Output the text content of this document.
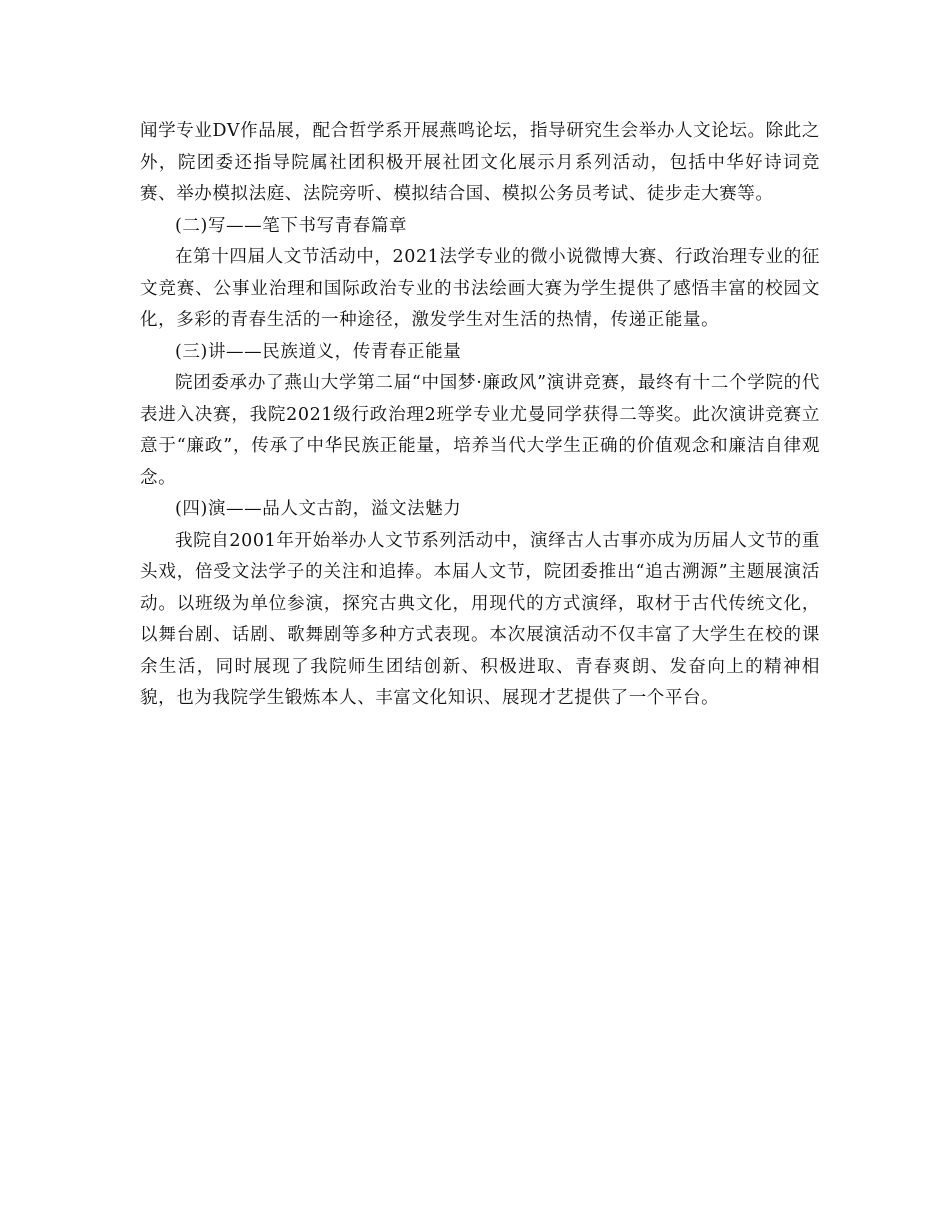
闻学专业DV作品展，配合哲学系开展燕鸣论坛，指导研究生会举办人文论坛。除此之外，院团委还指导院属社团积极开展社团文化展示月系列活动，包括中华好诗词竞赛、举办模拟法庭、法院旁听、模拟结合国、模拟公务员考试、徒步走大赛等。

(二)写——笔下书写青春篇章

在第十四届人文节活动中，2021法学专业的微小说微博大赛、行政治理专业的征文竞赛、公事业治理和国际政治专业的书法绘画大赛为学生提供了感悟丰富的校园文化，多彩的青春生活的一种途径，激发学生对生活的热情，传递正能量。

(三)讲——民族道义，传青春正能量

院团委承办了燕山大学第二届“中国梦·廉政风”演讲竞赛，最终有十二个学院的代表进入决赛，我院2021级行政治理2班学专业尤曼同学获得二等奖。此次演讲竞赛立意于“廉政”，传承了中华民族正能量，培养当代大学生正确的价值观念和廉洁自律观念。

(四)演——品人文古韵，溢文法魅力

我院自2001年开始举办人文节系列活动中，演绎古人古事亦成为历届人文节的重头戏，倍受文法学子的关注和追捧。本届人文节，院团委推出“追古溯源”主题展演活动。以班级为单位参演，探究古典文化，用现代的方式演绎，取材于古代传统文化，以舞台剧、话剧、歌舞剧等多种方式表现。本次展演活动不仅丰富了大学生在校的课余生活，同时展现了我院师生团结创新、积极进取、青春爽朗、发奋向上的精神相貌，也为我院学生锻炼本人、丰富文化知识、展现才艺提供了一个平台。
